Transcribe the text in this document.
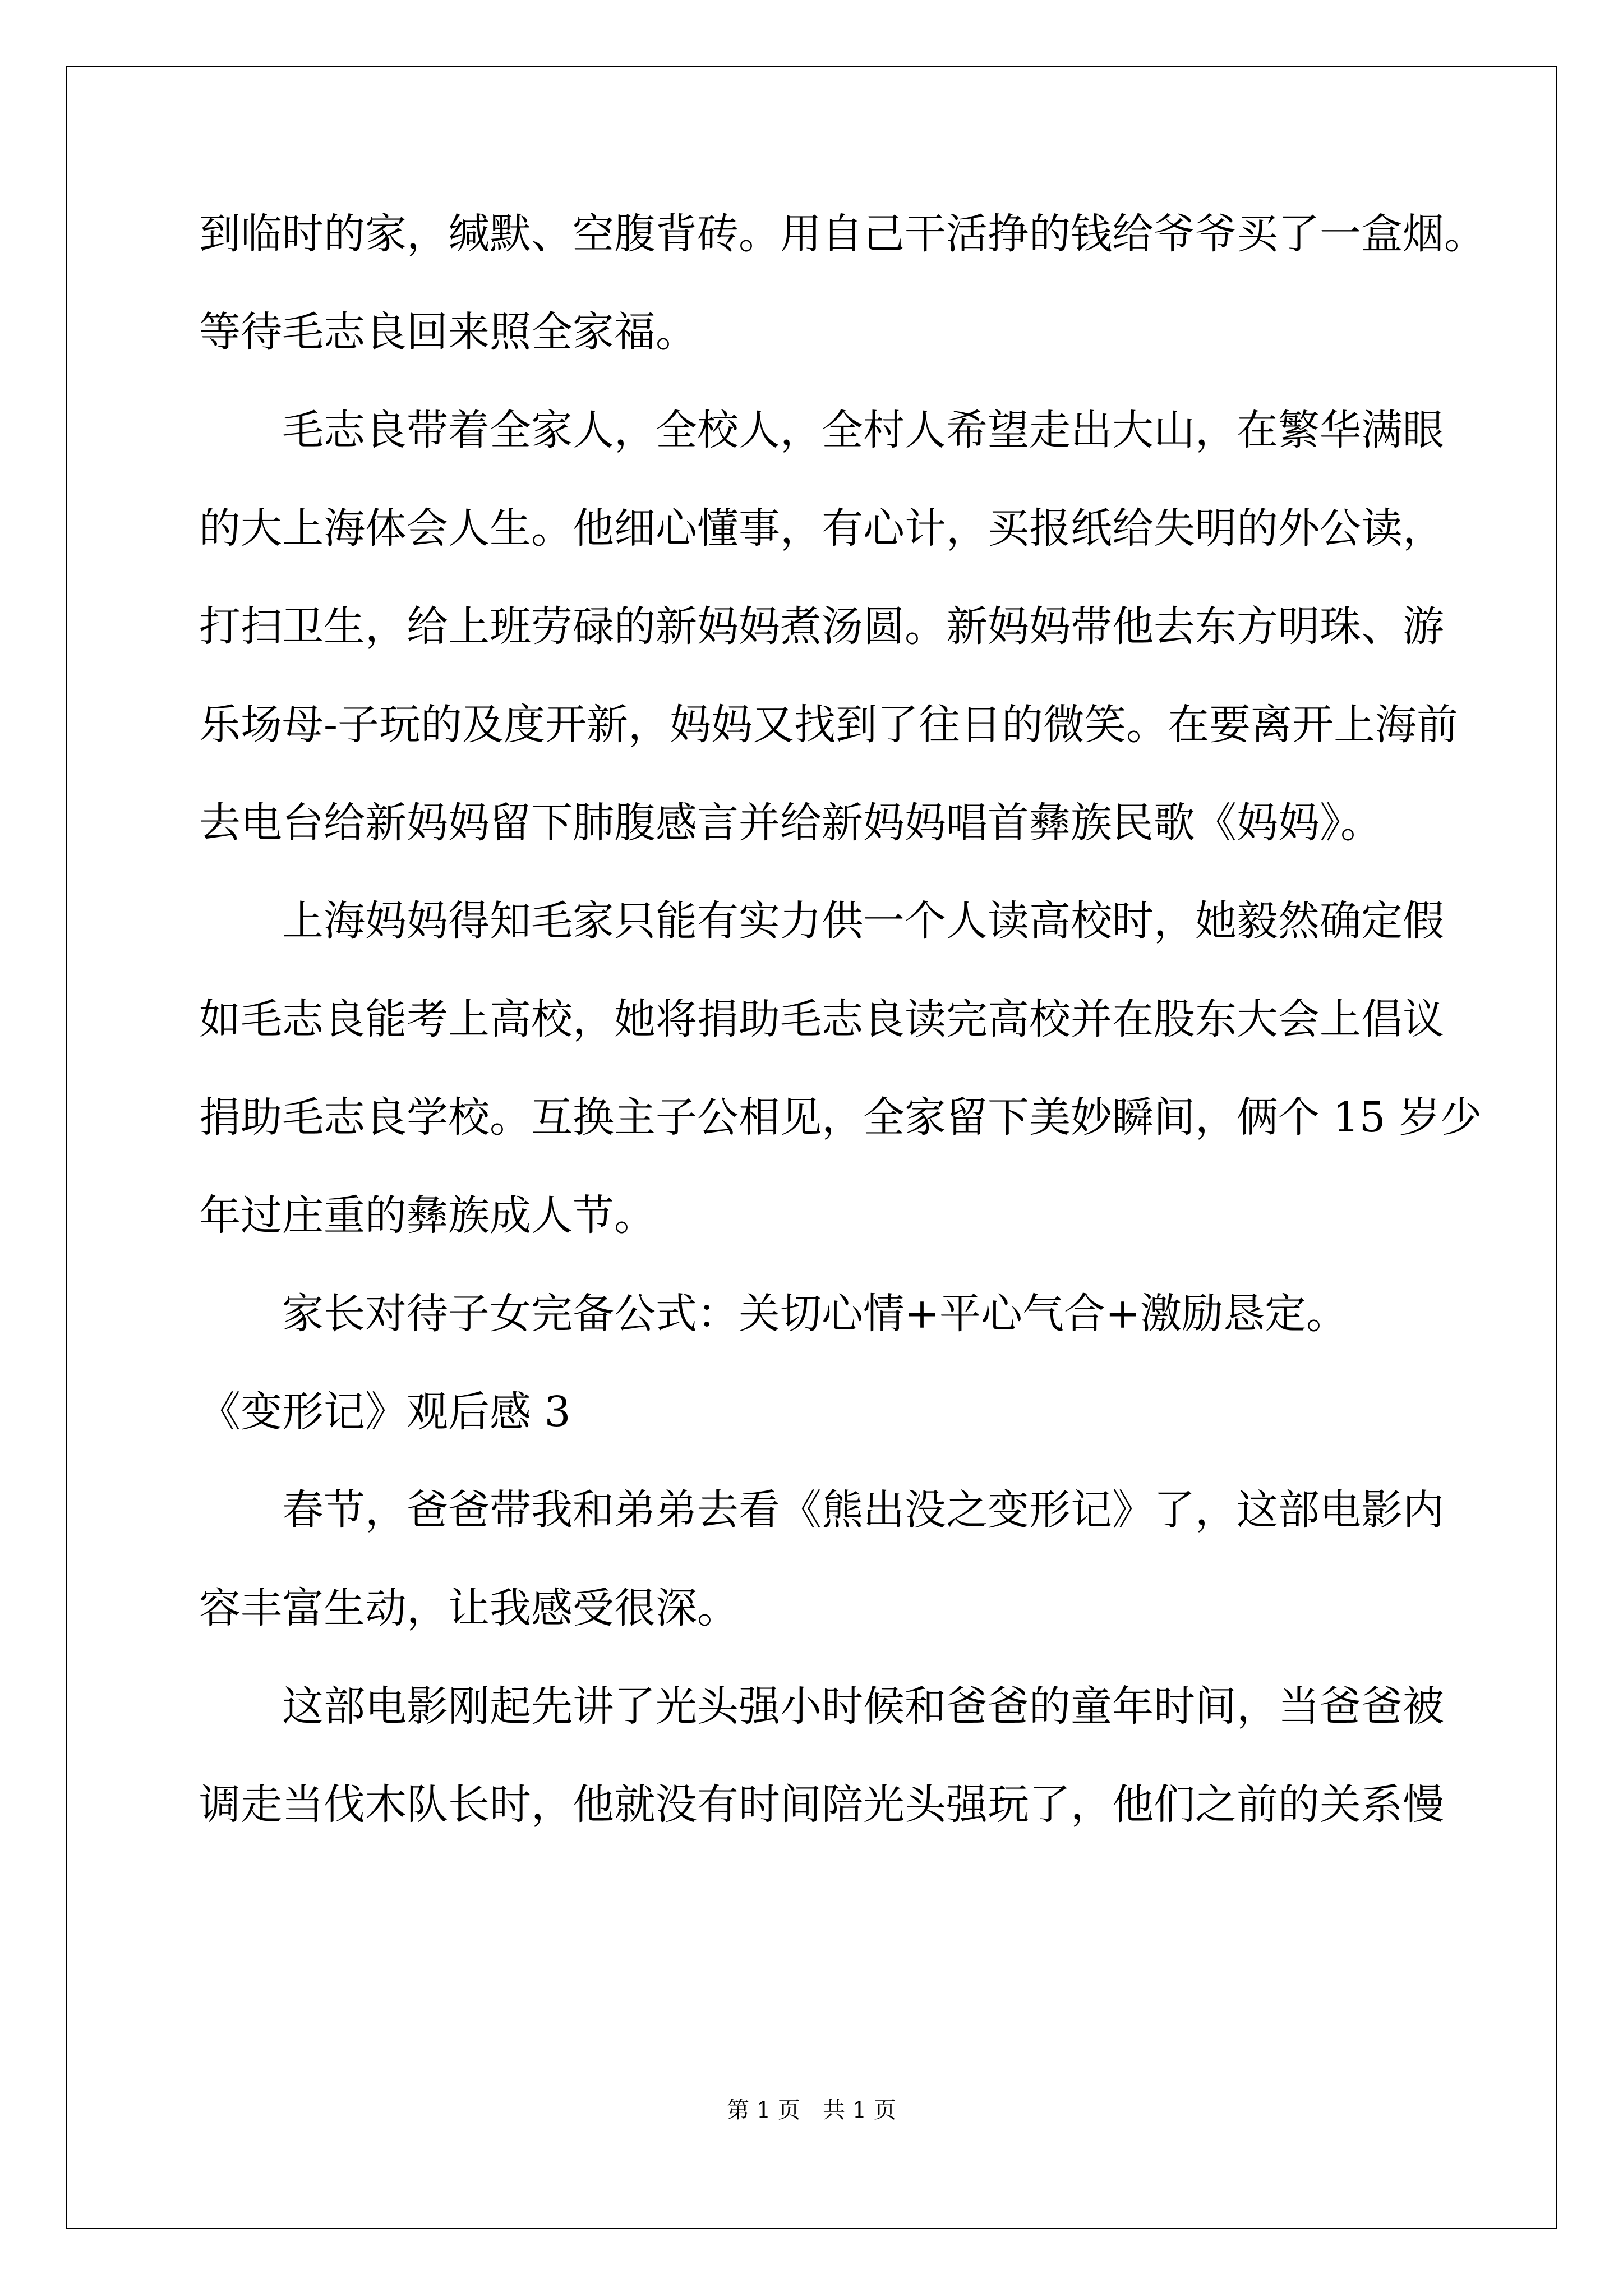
到临时的家，缄默、空腹背砖。用自己干活挣的钱给爷爷买了一盒烟。
等待毛志良回来照全家福。
毛志良带着全家人，全校人，全村人希望走出大山，在繁华满眼
的大上海体会人生。他细心懂事，有心计，买报纸给失明的外公读，
打扫卫生，给上班劳碌的新妈妈煮汤圆。新妈妈带他去东方明珠、游
乐场母-子玩的及度开新，妈妈又找到了往日的微笑。在要离开上海前
去电台给新妈妈留下肺腹感言并给新妈妈唱首彝族民歌《妈妈》。
上海妈妈得知毛家只能有实力供一个人读高校时，她毅然确定假
如毛志良能考上高校，她将捐助毛志良读完高校并在股东大会上倡议
捐助毛志良学校。互换主子公相见，全家留下美妙瞬间，俩个 15 岁少
年过庄重的彝族成人节。
家长对待子女完备公式：关切心情+平心气合+激励恳定。
《变形记》观后感 3
春节，爸爸带我和弟弟去看《熊出没之变形记》了，这部电影内
容丰富生动，让我感受很深。
这部电影刚起先讲了光头强小时候和爸爸的童年时间，当爸爸被
调走当伐木队长时，他就没有时间陪光头强玩了，他们之前的关系慢
第 1 页　共 1 页
